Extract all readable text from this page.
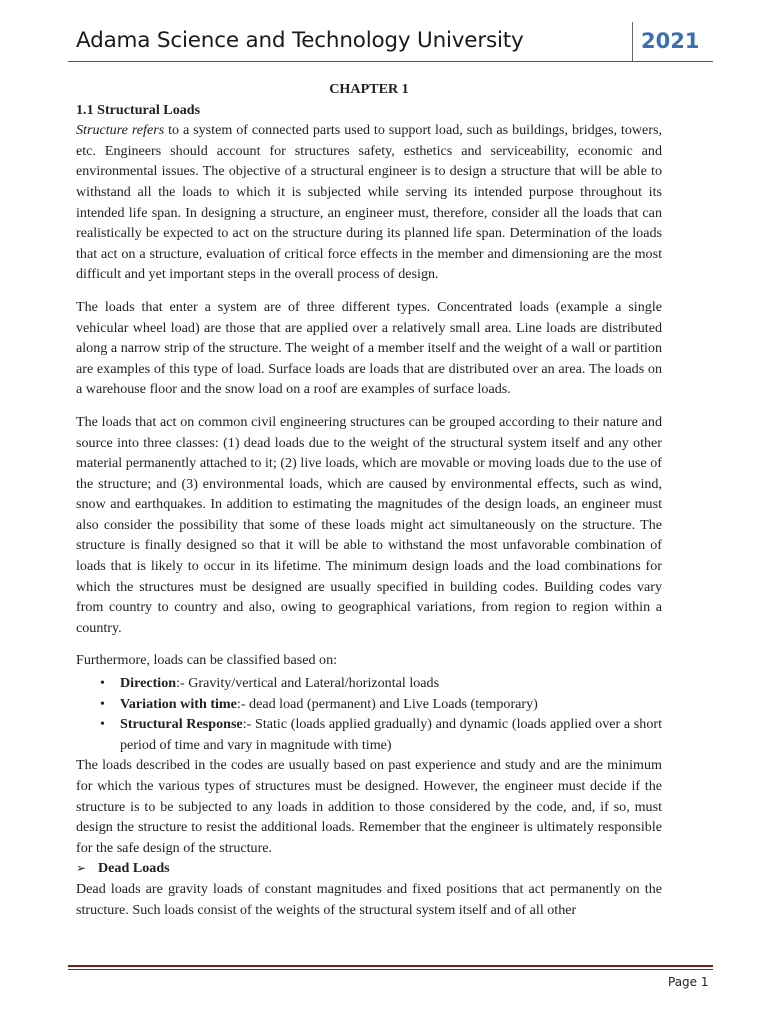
Adama Science and Technology University	2021
CHAPTER 1
1.1 Structural Loads

Structure refers to a system of connected parts used to support load, such as buildings, bridges, towers, etc. Engineers should account for structures safety, esthetics and serviceability, economic and environmental issues. The objective of a structural engineer is to design a structure that will be able to withstand all the loads to which it is subjected while serving its intended purpose throughout its intended life span. In designing a structure, an engineer must, therefore, consider all the loads that can realistically be expected to act on the structure during its planned life span. Determination of the loads that act on a structure, evaluation of critical force effects in the member and dimensioning are the most difficult and yet important steps in the overall process of design.

The loads that enter a system are of three different types. Concentrated loads (example a single vehicular wheel load) are those that are applied over a relatively small area. Line loads are distributed along a narrow strip of the structure. The weight of a member itself and the weight of a wall or partition are examples of this type of load. Surface loads are loads that are distributed over an area. The loads on a warehouse floor and the snow load on a roof are examples of surface loads.

The loads that act on common civil engineering structures can be grouped according to their nature and source into three classes: (1) dead loads due to the weight of the structural system itself and any other material permanently attached to it; (2) live loads, which are movable or moving loads due to the use of the structure; and (3) environmental loads, which are caused by environmental effects, such as wind, snow and earthquakes. In addition to estimating the magnitudes of the design loads, an engineer must also consider the possibility that some of these loads might act simultaneously on the structure. The structure is finally designed so that it will be able to withstand the most unfavorable combination of loads that is likely to occur in its lifetime. The minimum design loads and the load combinations for which the structures must be designed are usually specified in building codes. Building codes vary from country to country and also, owing to geographical variations, from region to region within a country.

Furthermore, loads can be classified based on:

• Direction:- Gravity/vertical and Lateral/horizontal loads
• Variation with time:- dead load (permanent) and Live Loads (temporary)
• Structural Response:- Static (loads applied gradually) and dynamic (loads applied over a short period of time and vary in magnitude with time)

The loads described in the codes are usually based on past experience and study and are the minimum for which the various types of structures must be designed. However, the engineer must decide if the structure is to be subjected to any loads in addition to those considered by the code, and, if so, must design the structure to resist the additional loads. Remember that the engineer is ultimately responsible for the safe design of the structure.

➢ Dead Loads

Dead loads are gravity loads of constant magnitudes and fixed positions that act permanently on the structure. Such loads consist of the weights of the structural system itself and of all other

Page 1
